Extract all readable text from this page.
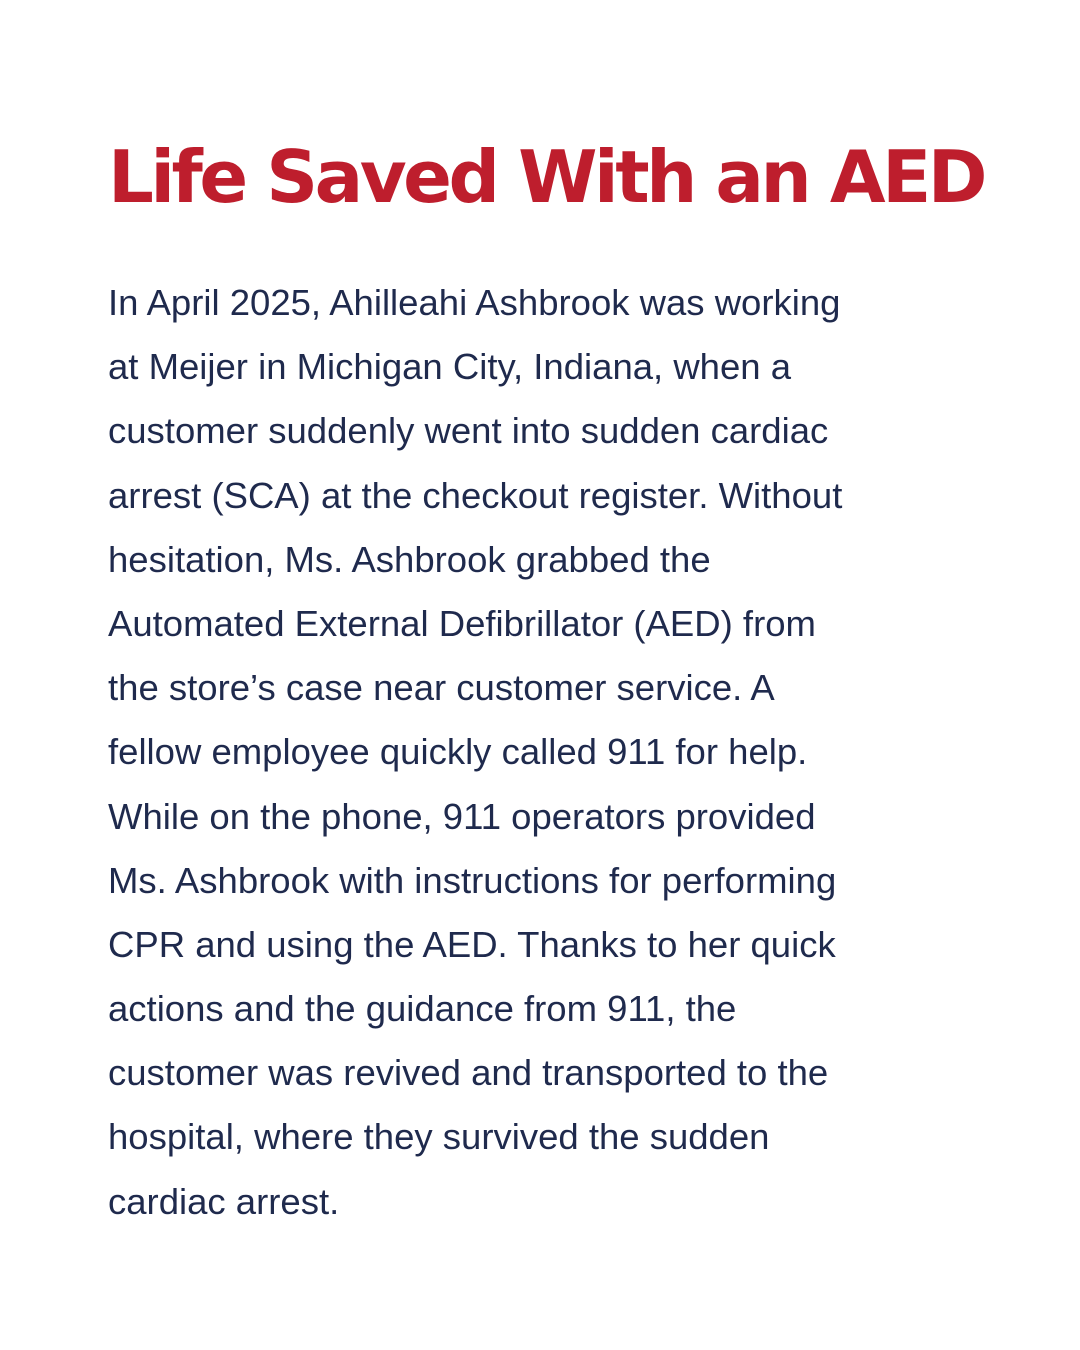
Life Saved With an AED
In April 2025, Ahilleahi Ashbrook was working
at Meijer in Michigan City, Indiana, when a
customer suddenly went into sudden cardiac
arrest (SCA) at the checkout register. Without
hesitation, Ms. Ashbrook grabbed the
Automated External Defibrillator (AED) from
the store’s case near customer service. A
fellow employee quickly called 911 for help.
While on the phone, 911 operators provided
Ms. Ashbrook with instructions for performing
CPR and using the AED. Thanks to her quick
actions and the guidance from 911, the
customer was revived and transported to the
hospital, where they survived the sudden
cardiac arrest.
